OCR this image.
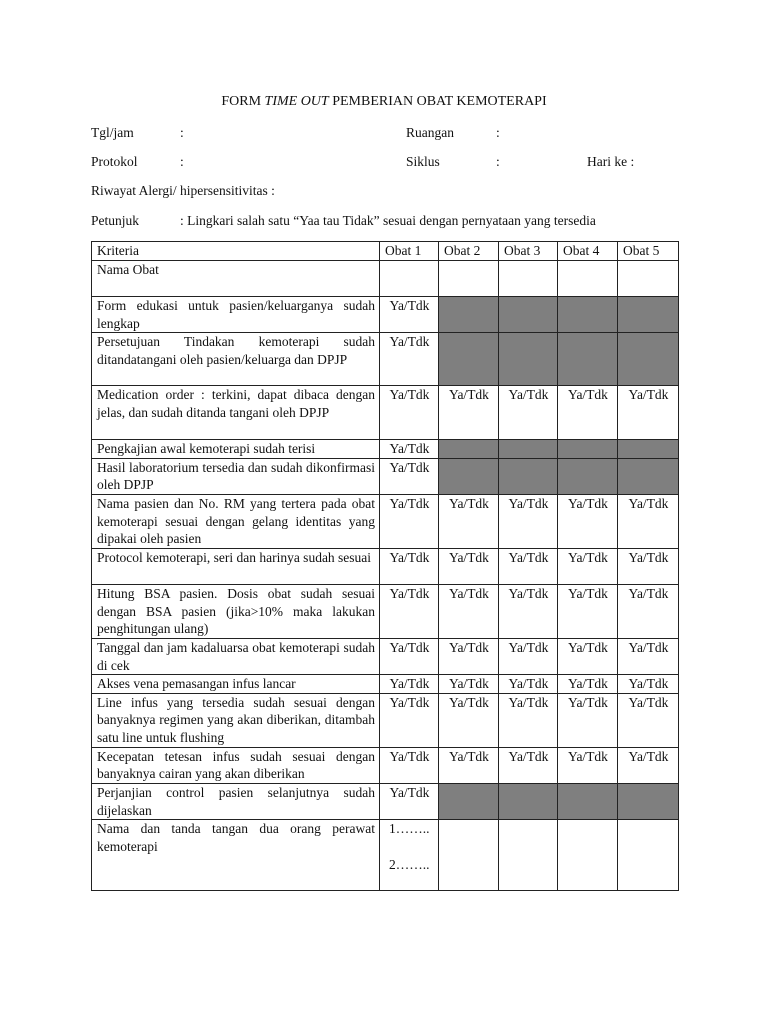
FORM TIME OUT PEMBERIAN OBAT KEMOTERAPI
Tgl/jam	:	Ruangan	:
Protokol	:	Siklus	:	Hari ke :
Riwayat Alergi/ hipersensitivitas :
Petunjuk	: Lingkari salah satu “Yaa tau Tidak” sesuai dengan pernyataan yang tersedia
Kriteria	Obat 1	Obat 2	Obat 3	Obat 4	Obat 5
Nama Obat					
Form edukasi untuk pasien/keluarganya sudah lengkap	Ya/Tdk				
Persetujuan Tindakan kemoterapi sudah ditandatangani oleh pasien/keluarga dan DPJP	Ya/Tdk				
Medication order : terkini, dapat dibaca dengan jelas, dan sudah ditanda tangani oleh DPJP	Ya/Tdk	Ya/Tdk	Ya/Tdk	Ya/Tdk	Ya/Tdk
Pengkajian awal kemoterapi sudah terisi	Ya/Tdk				
Hasil laboratorium tersedia dan sudah dikonfirmasi oleh DPJP	Ya/Tdk				
Nama pasien dan No. RM yang tertera pada obat kemoterapi sesuai dengan gelang identitas yang dipakai oleh pasien	Ya/Tdk	Ya/Tdk	Ya/Tdk	Ya/Tdk	Ya/Tdk
Protocol kemoterapi, seri dan harinya sudah sesuai	Ya/Tdk	Ya/Tdk	Ya/Tdk	Ya/Tdk	Ya/Tdk
Hitung BSA pasien. Dosis obat sudah sesuai dengan BSA pasien (jika>10% maka lakukan penghitungan ulang)	Ya/Tdk	Ya/Tdk	Ya/Tdk	Ya/Tdk	Ya/Tdk
Tanggal dan jam kadaluarsa obat kemoterapi sudah di cek	Ya/Tdk	Ya/Tdk	Ya/Tdk	Ya/Tdk	Ya/Tdk
Akses vena pemasangan infus lancar	Ya/Tdk	Ya/Tdk	Ya/Tdk	Ya/Tdk	Ya/Tdk
Line infus yang tersedia sudah sesuai dengan banyaknya regimen yang akan diberikan, ditambah satu line untuk flushing	Ya/Tdk	Ya/Tdk	Ya/Tdk	Ya/Tdk	Ya/Tdk
Kecepatan tetesan infus sudah sesuai dengan banyaknya cairan yang akan diberikan	Ya/Tdk	Ya/Tdk	Ya/Tdk	Ya/Tdk	Ya/Tdk
Perjanjian control pasien selanjutnya sudah dijelaskan	Ya/Tdk				
Nama dan tanda tangan dua orang perawat kemoterapi	1……..
2……..				
